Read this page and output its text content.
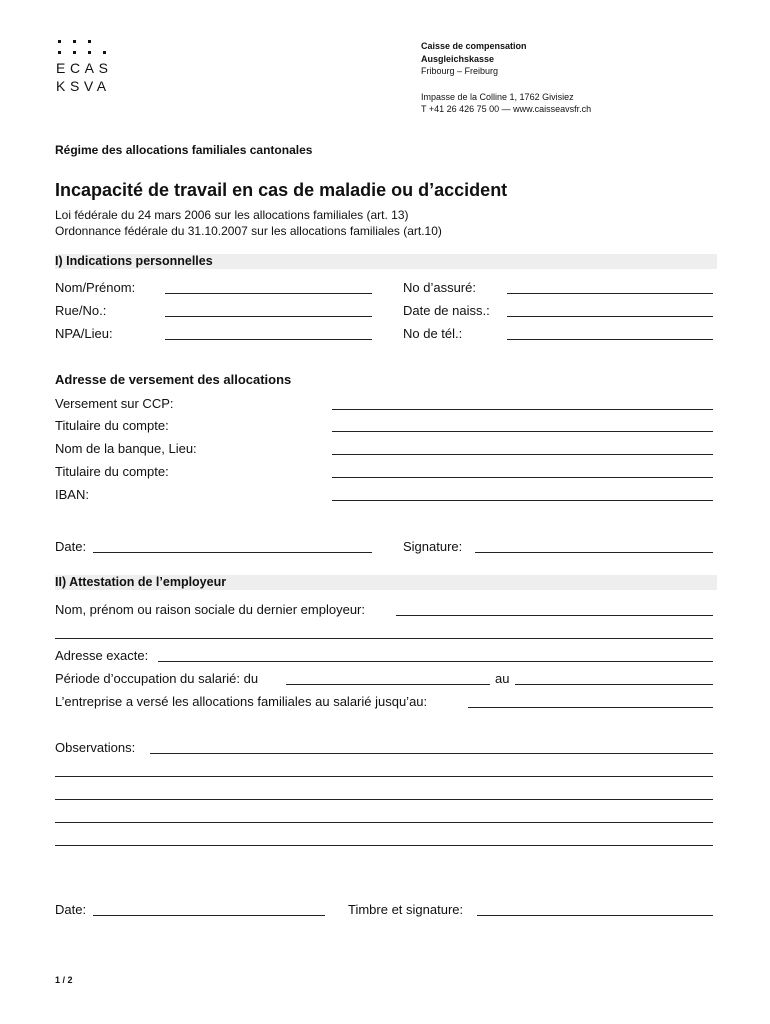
ECAS
KSVA
Caisse de compensation
Ausgleichskasse
Fribourg – Freiburg
Impasse de la Colline 1, 1762 Givisiez
T +41 26 426 75 00 — www.caisseavsfr.ch
Régime des allocations familiales cantonales
Incapacité de travail en cas de maladie ou d’accident
Loi fédérale du 24 mars 2006 sur les allocations familiales (art. 13)
Ordonnance fédérale du 31.10.2007 sur les allocations familiales (art.10)
I) Indications personnelles
Nom/Prénom:	No d’assuré:
Rue/No.:	Date de naiss.:
NPA/Lieu:	No de tél.:
Adresse de versement des allocations
Versement sur CCP:
Titulaire du compte:
Nom de la banque, Lieu:
Titulaire du compte:
IBAN:
Date:	Signature:
II) Attestation de l’employeur
Nom, prénom ou raison sociale du dernier employeur:
Adresse exacte:
Période d’occupation du salarié: du	au
L’entreprise a versé les allocations familiales au salarié jusqu’au:
Observations:
Date:	Timbre et signature:
1 / 2
